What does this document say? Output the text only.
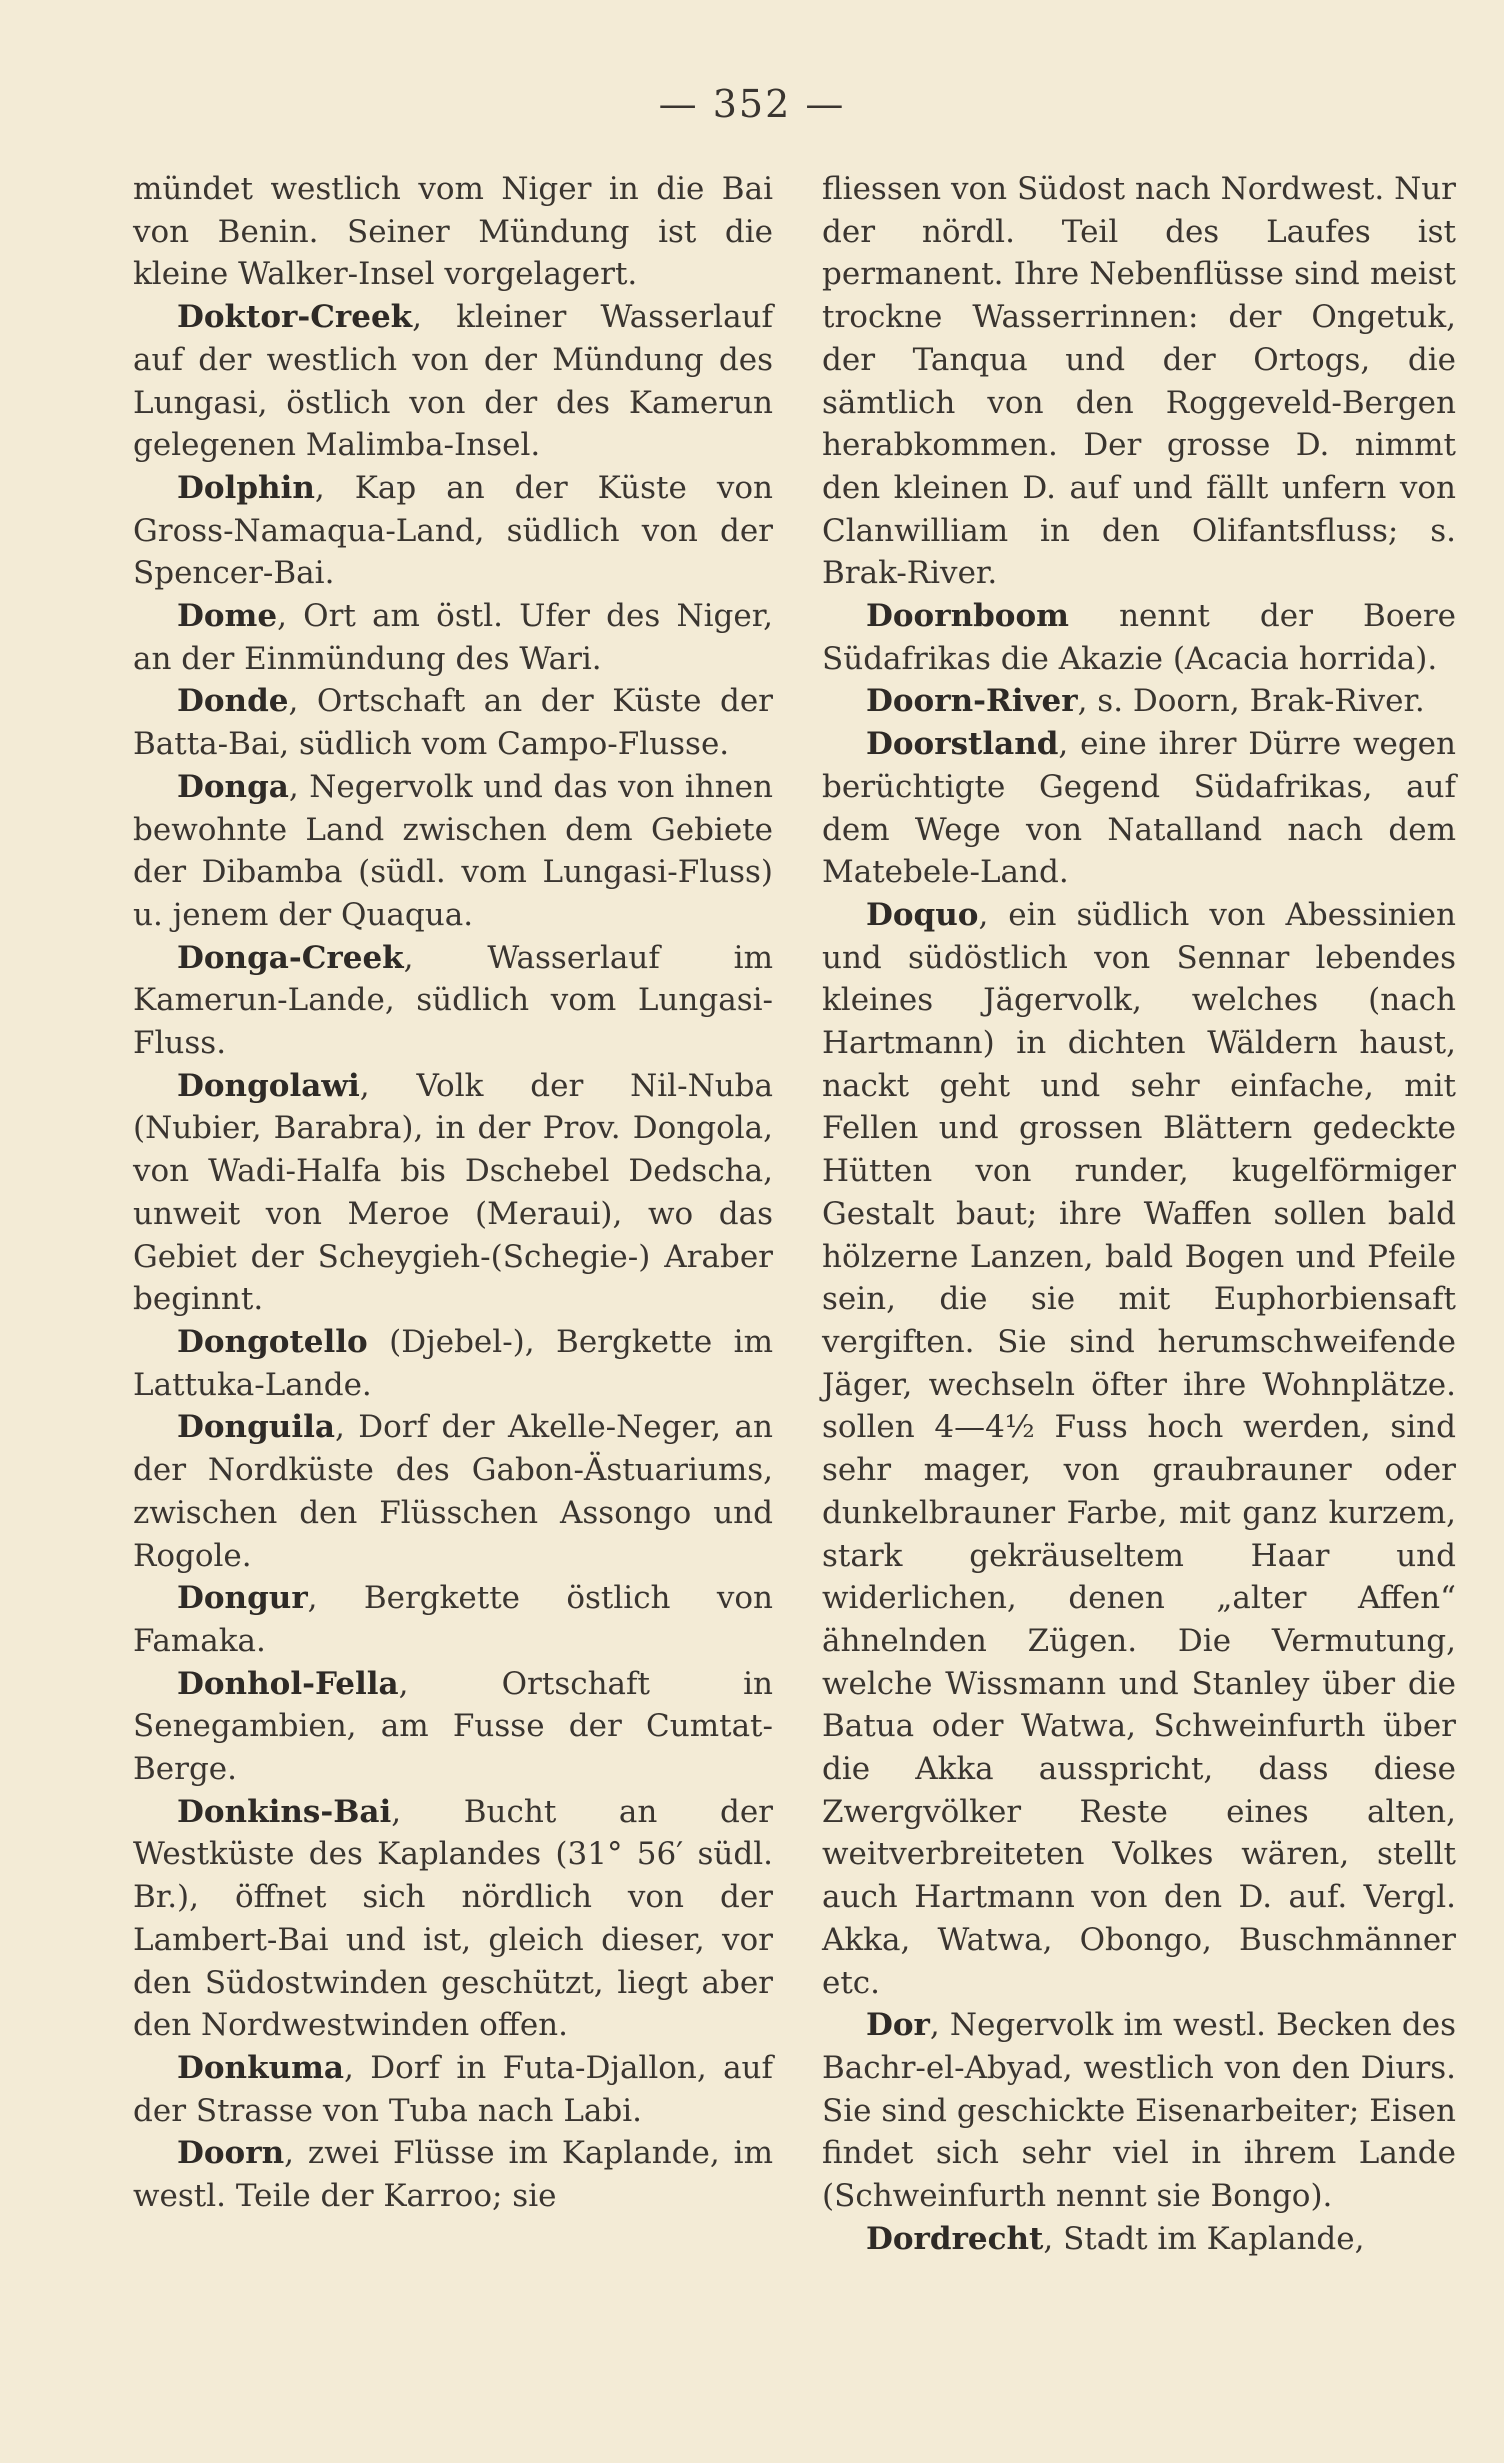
— 352 —

mündet westlich vom Niger in die Bai von Benin. Seiner Mündung ist die kleine Walker-Insel vorgelagert.

Doktor-Creek, kleiner Wasserlauf auf der westlich von der Mündung des Lungasi, östlich von der des Kamerun gelegenen Malimba-Insel.

Dolphin, Kap an der Küste von Gross-Namaqua-Land, südlich von der Spencer-Bai.

Dome, Ort am östl. Ufer des Niger, an der Einmündung des Wari.

Donde, Ortschaft an der Küste der Batta-Bai, südlich vom Campo-Flusse.

Donga, Negervolk und das von ihnen bewohnte Land zwischen dem Gebiete der Dibamba (südl. vom Lungasi-Fluss) u. jenem der Quaqua.

Donga-Creek, Wasserlauf im Kamerun-Lande, südlich vom Lungasi-Fluss.

Dongolawi, Volk der Nil-Nuba (Nubier, Barabra), in der Prov. Dongola, von Wadi-Halfa bis Dschebel Dedscha, unweit von Meroe (Meraui), wo das Gebiet der Scheygieh-(Schegie-) Araber beginnt.

Dongotello (Djebel-), Bergkette im Lattuka-Lande.

Donguila, Dorf der Akelle-Neger, an der Nordküste des Gabon-Ästuariums, zwischen den Flüsschen Assongo und Rogole.

Dongur, Bergkette östlich von Famaka.

Donhol-Fella, Ortschaft in Senegambien, am Fusse der Cumtat-Berge.

Donkins-Bai, Bucht an der Westküste des Kaplandes (31° 56′ südl. Br.), öffnet sich nördlich von der Lambert-Bai und ist, gleich dieser, vor den Südostwinden geschützt, liegt aber den Nordwestwinden offen.

Donkuma, Dorf in Futa-Djallon, auf der Strasse von Tuba nach Labi.

Doorn, zwei Flüsse im Kaplande, im westl. Teile der Karroo; sie

fliessen von Südost nach Nordwest. Nur der nördl. Teil des Laufes ist permanent. Ihre Nebenflüsse sind meist trockne Wasserrinnen: der Ongetuk, der Tanqua und der Ortogs, die sämtlich von den Roggeveld-Bergen herabkommen. Der grosse D. nimmt den kleinen D. auf und fällt unfern von Clanwilliam in den Olifantsfluss; s. Brak-River.

Doornboom nennt der Boere Südafrikas die Akazie (Acacia horrida).

Doorn-River, s. Doorn, Brak-River.

Doorstland, eine ihrer Dürre wegen berüchtigte Gegend Südafrikas, auf dem Wege von Natalland nach dem Matebele-Land.

Doquo, ein südlich von Abessinien und südöstlich von Sennar lebendes kleines Jägervolk, welches (nach Hartmann) in dichten Wäldern haust, nackt geht und sehr einfache, mit Fellen und grossen Blättern gedeckte Hütten von runder, kugelförmiger Gestalt baut; ihre Waffen sollen bald hölzerne Lanzen, bald Bogen und Pfeile sein, die sie mit Euphorbiensaft vergiften. Sie sind herumschweifende Jäger, wechseln öfter ihre Wohnplätze. sollen 4—4½ Fuss hoch werden, sind sehr mager, von graubrauner oder dunkelbrauner Farbe, mit ganz kurzem, stark gekräuseltem Haar und widerlichen, denen „alter Affen“ ähnelnden Zügen. Die Vermutung, welche Wissmann und Stanley über die Batua oder Watwa, Schweinfurth über die Akka ausspricht, dass diese Zwergvölker Reste eines alten, weitverbreiteten Volkes wären, stellt auch Hartmann von den D. auf. Vergl. Akka, Watwa, Obongo, Buschmänner etc.

Dor, Negervolk im westl. Becken des Bachr-el-Abyad, westlich von den Diurs. Sie sind geschickte Eisenarbeiter; Eisen findet sich sehr viel in ihrem Lande (Schweinfurth nennt sie Bongo).

Dordrecht, Stadt im Kaplande,
